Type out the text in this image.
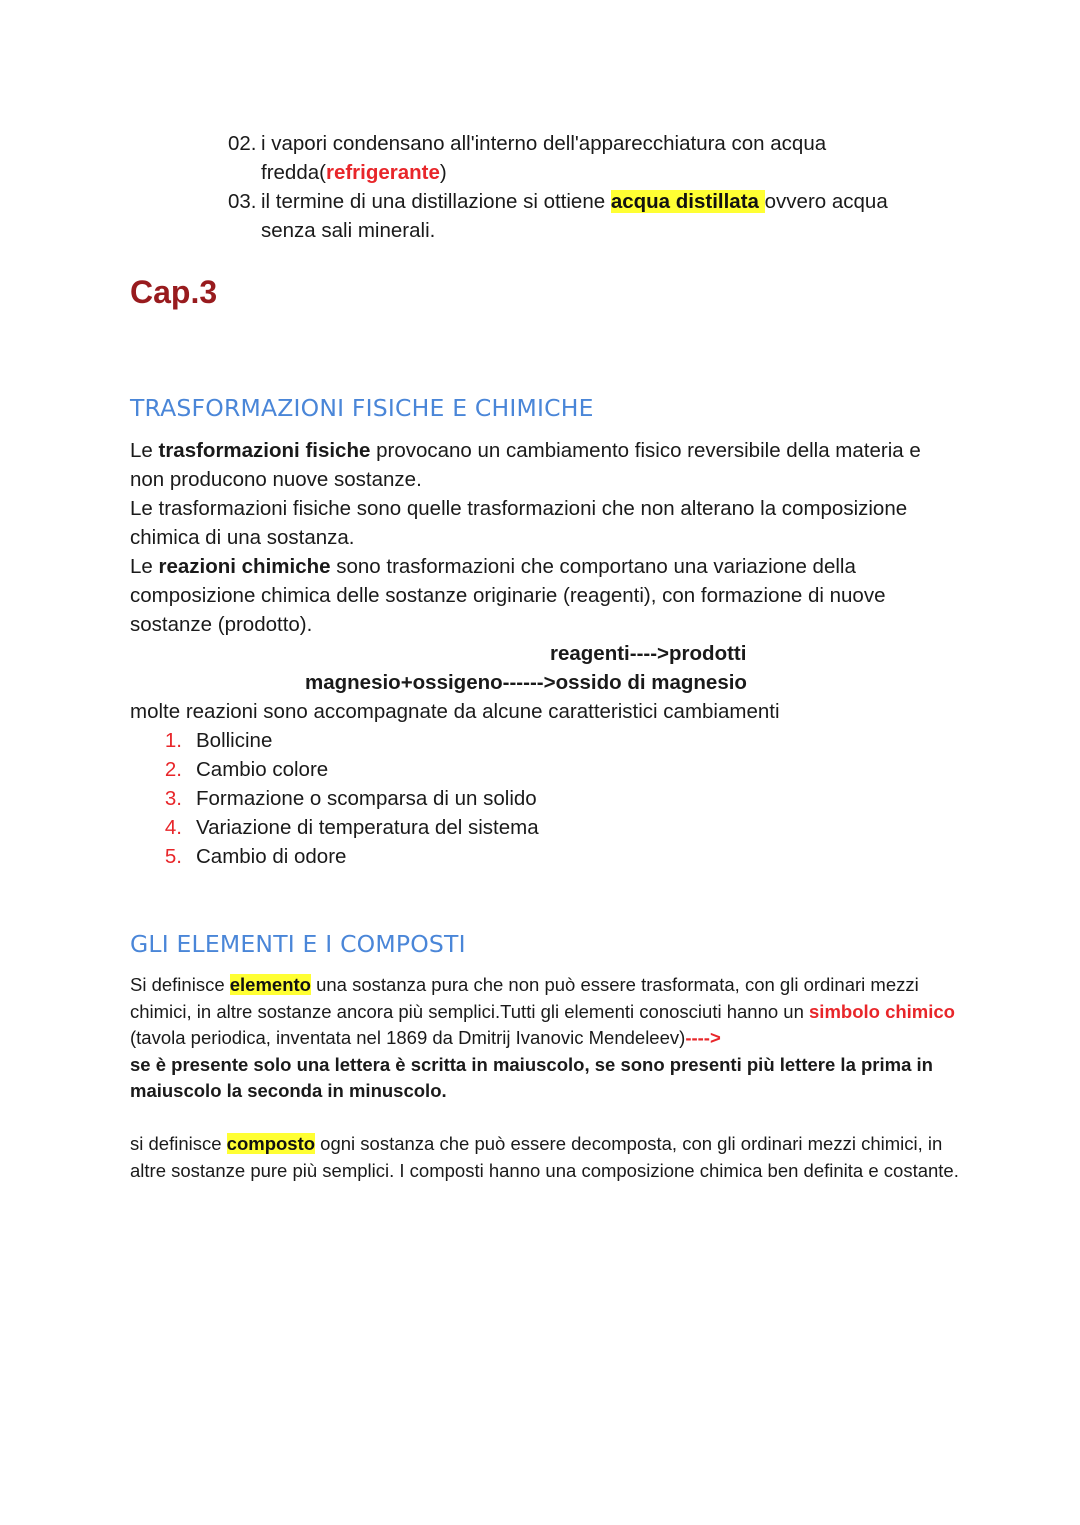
02. i vapori condensano all'interno dell'apparecchiatura con acqua fredda(refrigerante)
03. il termine di una distillazione si ottiene acqua distillata ovvero acqua senza sali minerali.
Cap.3
TRASFORMAZIONI FISICHE E CHIMICHE

Le trasformazioni fisiche provocano un cambiamento fisico reversibile della materia e non producono nuove sostanze.

Le trasformazioni fisiche sono quelle trasformazioni che non alterano la composizione chimica di una sostanza.

Le reazioni chimiche sono trasformazioni che comportano una variazione della composizione chimica delle sostanze originarie (reagenti), con formazione di nuove sostanze (prodotto).

reagenti---->prodotti
magnesio+ossigeno------>ossido di magnesio

molte reazioni sono accompagnate da alcune caratteristici cambiamenti

1. Bollicine
2. Cambio colore
3. Formazione o scomparsa di un solido
4. Variazione di temperatura del sistema
5. Cambio di odore
GLI ELEMENTI E I COMPOSTI

Si definisce elemento una sostanza pura che non può essere trasformata, con gli ordinari mezzi chimici, in altre sostanze ancora più semplici.Tutti gli elementi conosciuti hanno un simbolo chimico (tavola periodica, inventata nel 1869 da Dmitrij Ivanovic Mendeleev)---->
se è presente solo una lettera è scritta in maiuscolo, se sono presenti più lettere la prima in maiuscolo la seconda in minuscolo.

si definisce composto ogni sostanza che può essere decomposta, con gli ordinari mezzi chimici, in altre sostanze pure più semplici. I composti hanno una composizione chimica ben definita e costante.
